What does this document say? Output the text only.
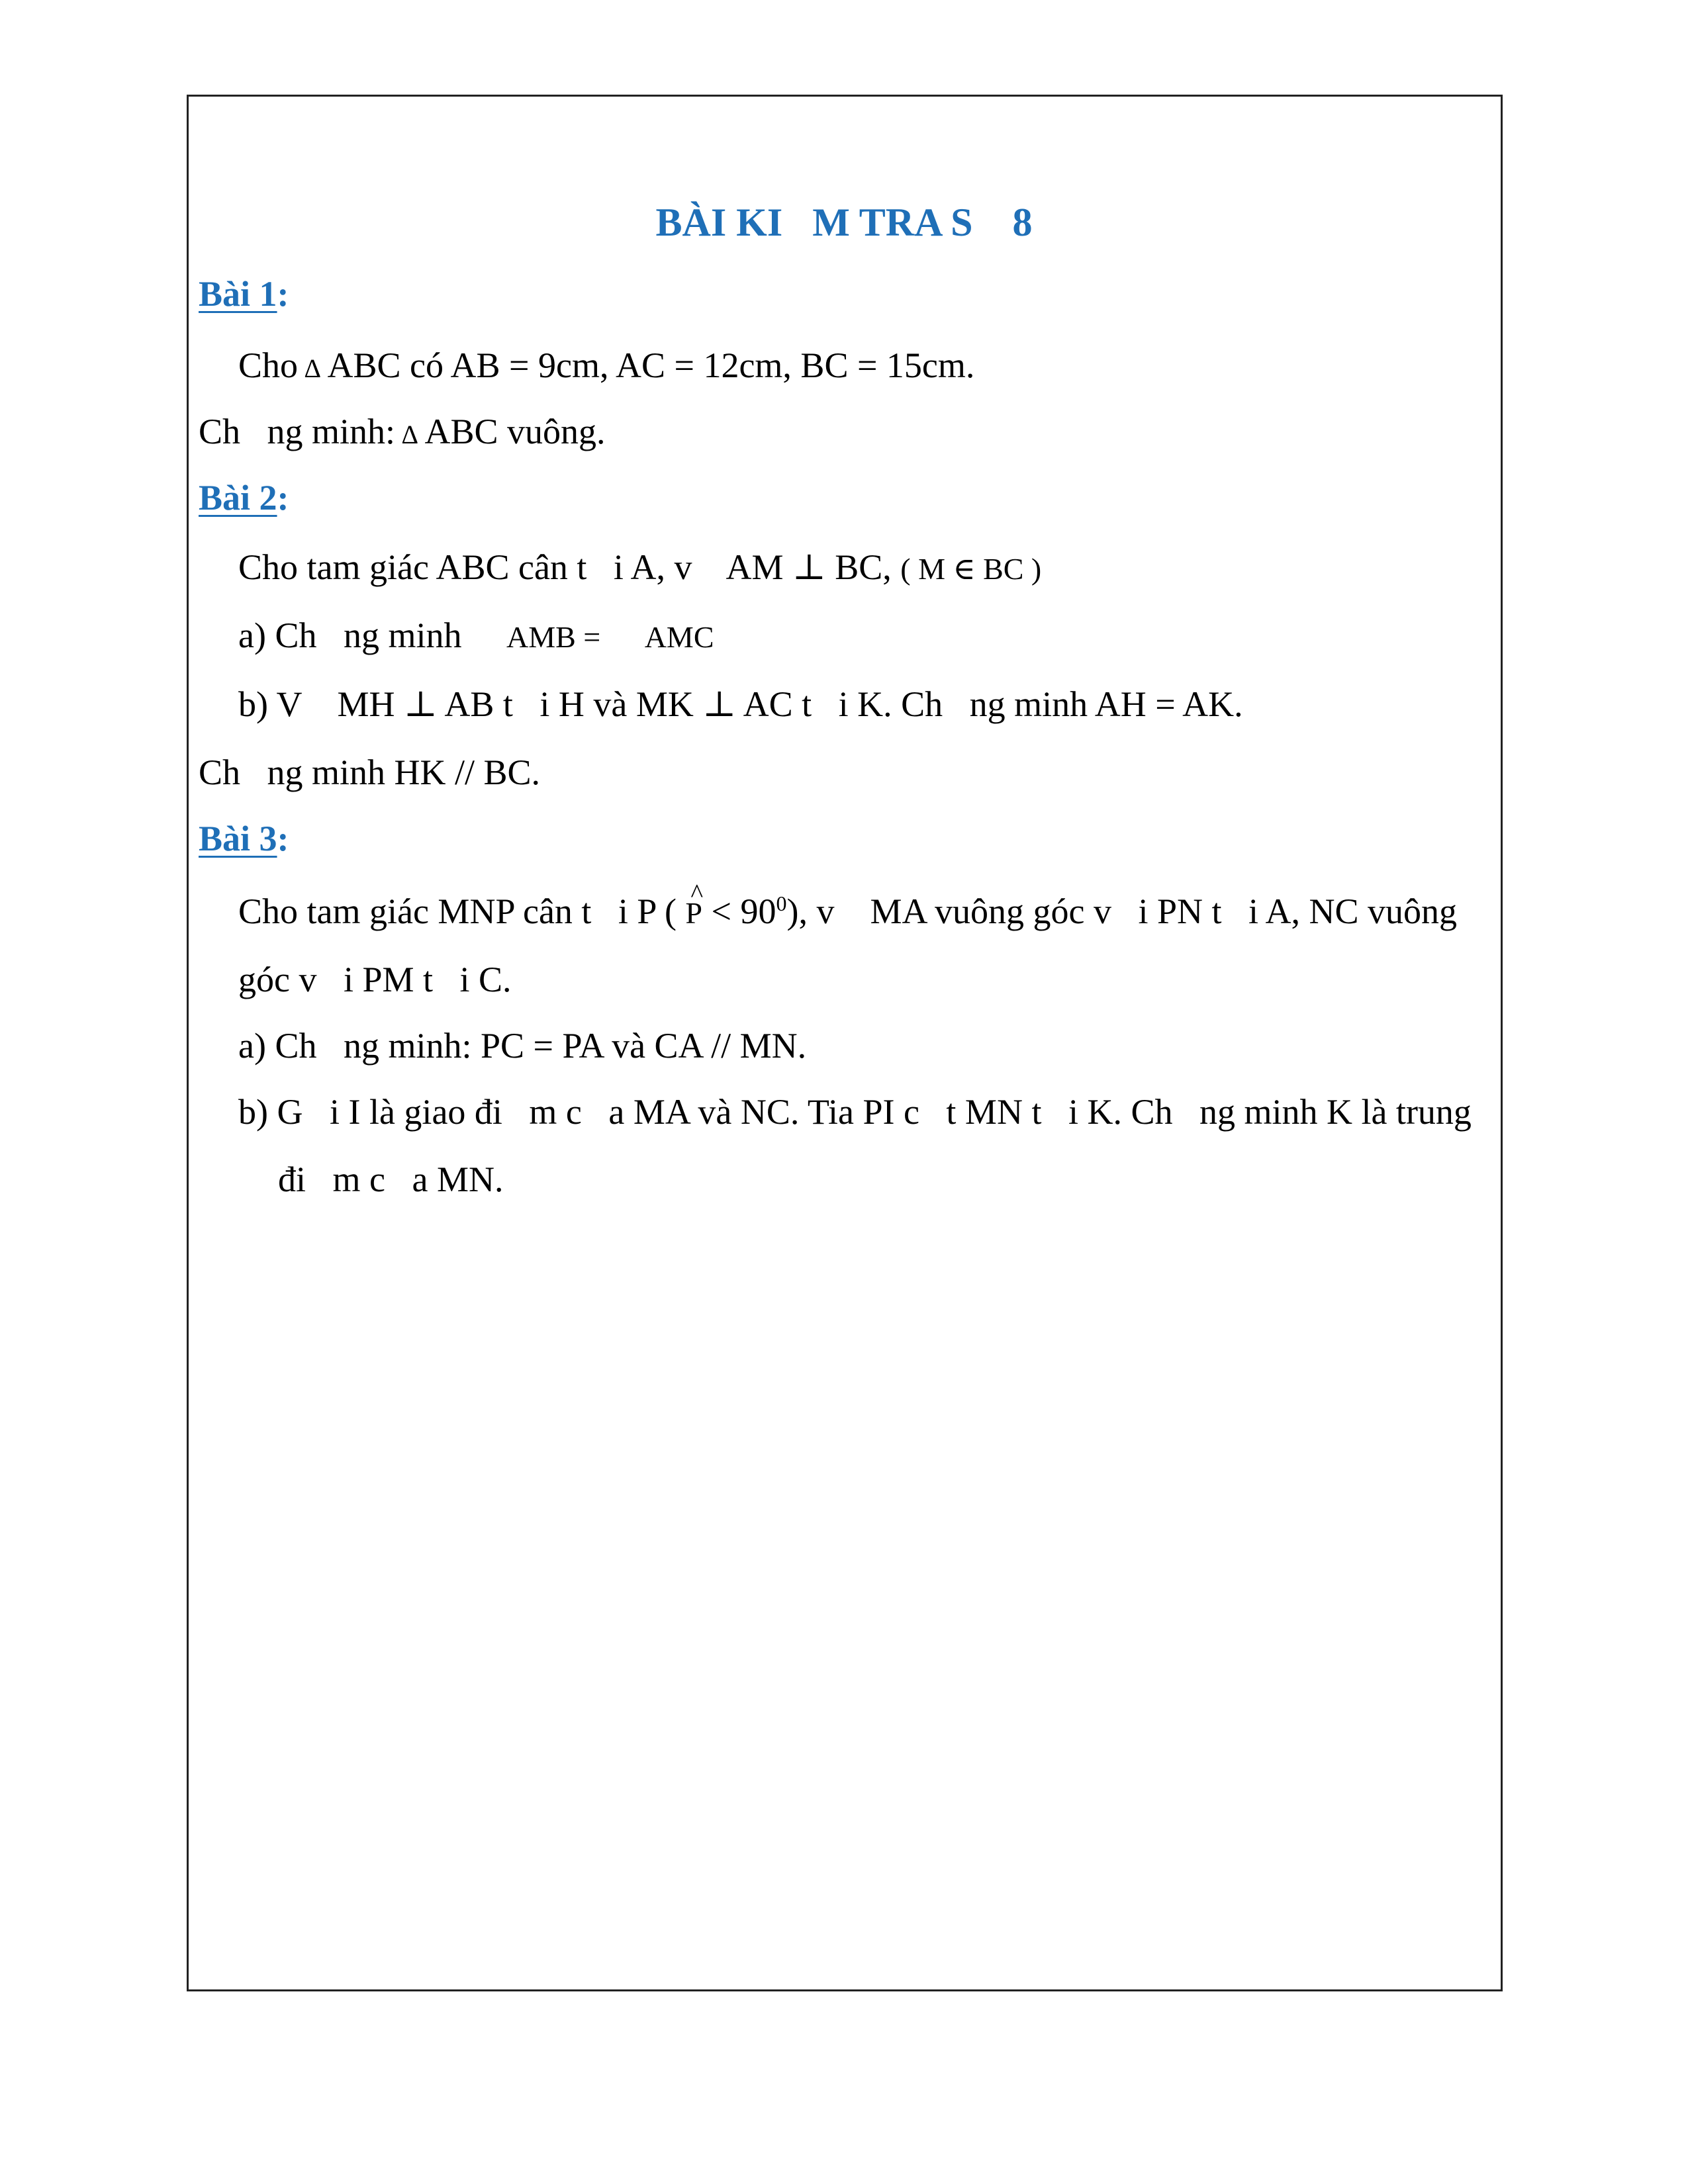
BÀI KI   M TRA S    8
Bài 1:
Cho ∆ ABC có AB = 9cm, AC = 12cm, BC = 15cm.
Ch   ng minh: ∆ ABC vuông.
Bài 2:
Cho tam giác ABC cân t   i A, v    AM ⊥ BC, ( M ∈ BC )
a) Ch   ng minh     AMB =      AMC
b) V    MH ⊥ AB t   i H và MK ⊥ AC t   i K. Ch   ng minh AH = AK.
Ch   ng minh HK // BC.
Bài 3:
Cho tam giác MNP cân t   i P ( ^ $P < 90^0$), v    MA vuông góc v   i PN t   i A, NC vuông
góc v   i PM t   i C.
a) Ch   ng minh: PC = PA và CA // MN.
b) G   i I là giao đi   m c   a MA và NC. Tia PI c   t MN t   i K. Ch   ng minh K là trung
đi   m c   a MN.
